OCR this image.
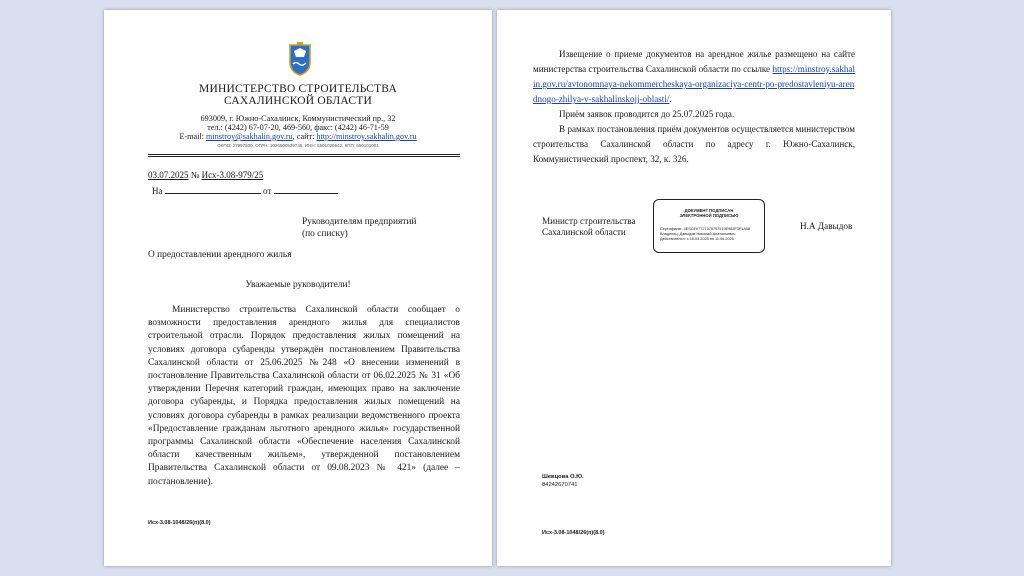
МИНИСТЕРСТВО СТРОИТЕЛЬСТВА
САХАЛИНСКОЙ ОБЛАСТИ
693009, г. Южно-Сахалинск, Коммунистический пр., 32
тел.: (4242) 67-07-20, 469-560, факс: (4242) 46-71-59
E-mail: minstroy@sakhalin.gov.ru, сайт: http://minstroy.sakhalin.gov.ru
ОКПО: 27997500, ОГРН: 1026500539746, ИНН: 6501026642, КПП: 650101001
03.07.2025 № Исх-3.08-979/25
На	от
Руководителям предприятий
(по списку)
О предоставлении арендного жилья
Уважаемые руководители!

Министерство строительства Сахалинской области сообщает о возможности предоставления арендного жилья для специалистов строительной отрасли. Порядок предоставления жилых помещений на условиях договора субаренды утверждён постановлением Правительства Сахалинской области от 25.06.2025 №248 «О внесении изменений в постановление Правительства Сахалинской области от 06.02.2025 № 31 «Об утверждении Перечня категорий граждан, имеющих право на заключение договора субаренды, и Порядка предоставления жилых помещений на условиях договора субаренды в рамках реализации ведомственного проекта «Предоставление гражданам льготного арендного жилья» государственной программы Сахалинской области «Обеспечение населения Сахалинской области качественным жильем», утвержденной постановлением Правительства Сахалинской области от 09.08.2023 № 421» (далее – постановление).

Исх-3.08-1048/26(п)(8.0)

Извещение о приеме документов на арендное жилье размещено на сайте министерства строительства Сахалинской области по ссылке https://minstroy.sakhalin.gov.ru/avtonomnaya-nekommercheskaya-organizaciya-centr-po-predostavleniyu-arendnogo-zhilya-v-sakhalinskojj-oblasti/.

Приём заявок проводится до 25.07.2025 года.

В рамках постановления приём документов осуществляется министерством строительства Сахалинской области по адресу г. Южно-Сахалинск, Коммунистический проспект, 32, к. 326.

Министр строительства
Сахалинской области
ДОКУМЕНТ ПОДПИСАН
ЭЛЕКТРОННОЙ ПОДПИСЬЮ
Сертификат: 4ESCE07727375797519E983F3F1A58
Владелец: Давыдов Николай Анатольевич
Действителен: с 18.03.2025 по 11.06.2026
Н.А Давыдов
Шевцова О.Ю.
84242670741
Исх-3.08-1048/26(п)(8.0)
